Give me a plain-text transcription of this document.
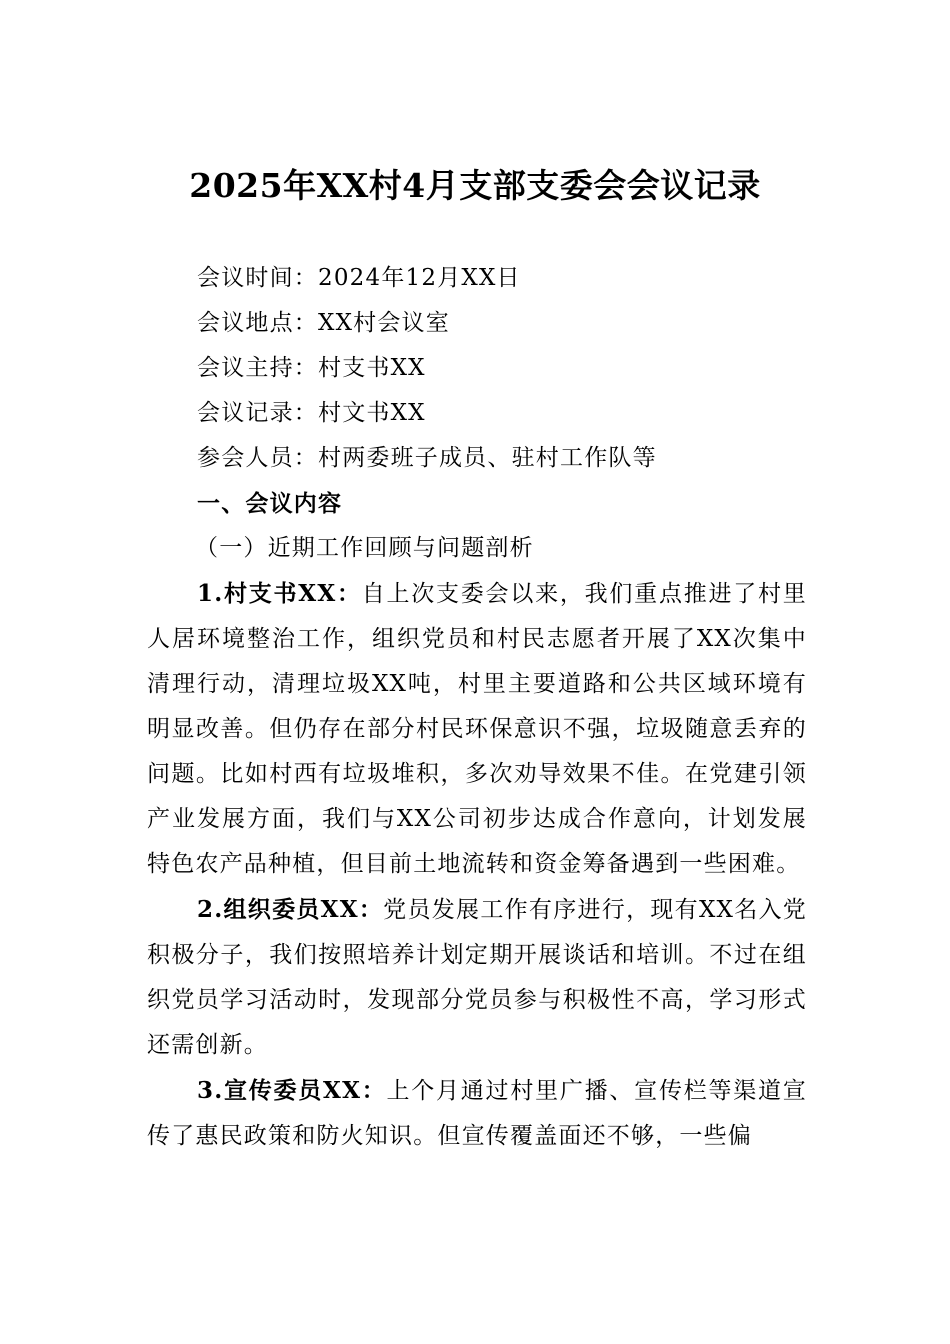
2025年XX村4月支部支委会会议记录
会议时间：2024年12月XX日
会议地点：XX村会议室
会议主持：村支书XX
会议记录：村文书XX
参会人员：村两委班子成员、驻村工作队等
一、会议内容
（一）近期工作回顾与问题剖析

1.村支书XX：自上次支委会以来，我们重点推进了村里人居环境整治工作，组织党员和村民志愿者开展了XX次集中清理行动，清理垃圾XX吨，村里主要道路和公共区域环境有明显改善。但仍存在部分村民环保意识不强，垃圾随意丢弃的问题。比如村西有垃圾堆积，多次劝导效果不佳。在党建引领产业发展方面，我们与XX公司初步达成合作意向，计划发展特色农产品种植，但目前土地流转和资金筹备遇到一些困难。

2.组织委员XX：党员发展工作有序进行，现有XX名入党积极分子，我们按照培养计划定期开展谈话和培训。不过在组织党员学习活动时，发现部分党员参与积极性不高，学习形式还需创新。

3.宣传委员XX：上个月通过村里广播、宣传栏等渠道宣传了惠民政策和防火知识。但宣传覆盖面还不够，一些偏
